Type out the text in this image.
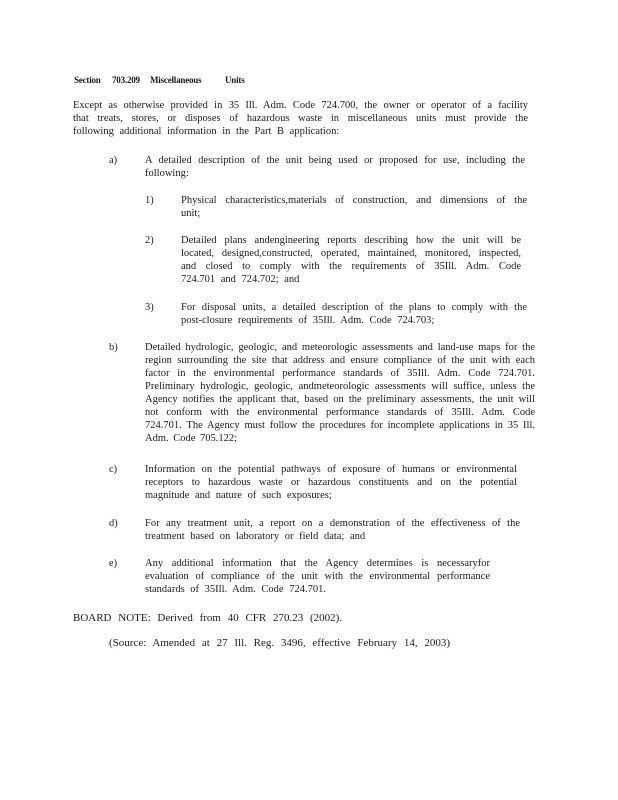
Section 703.209 Miscellaneous	Units
Except as otherwise provided in 35 Ill. Adm. Code 724.700, the owner or operator of a facility that treats, stores, or disposes of hazardous waste in miscellaneous units must provide the following additional information in the Part B application:
a)	A detailed description of the unit being used or proposed for use, including the following:
1)	Physical characteristics,materials of construction, and dimensions of the unit;
2)	Detailed plans andengineering reports describing how the unit will be located, designed,constructed, operated, maintained, monitored, inspected, and closed to comply with the requirements of 35Ill. Adm. Code 724.701 and 724.702; and
3)	For disposal units, a detailed description of the plans to comply with the post-closure requirements of 35Ill. Adm. Code 724.703;
b)	Detailed hydrologic, geologic, and meteorologic assessments and land-use maps for the region surrounding the site that address and ensure compliance of the unit with each factor in the environmental performance standards of 35Ill. Adm. Code 724.701. Preliminary hydrologic, geologic, andmeteorologic assessments will suffice, unless the Agency notifies the applicant that, based on the preliminary assessments, the unit will not conform with the environmental performance standards of 35Ill. Adm. Code 724.701. The Agency must follow the procedures for incomplete applications in 35 Ill. Adm. Code 705.122;
c)	Information on the potential pathways of exposure of humans or environmental receptors to hazardous waste or hazardous constituents and on the potential magnitude and nature of such exposures;
d)	For any treatment unit, a report on a demonstration of the effectiveness of the treatment based on laboratory or field data; and
e)	Any additional information that the Agency determines is necessaryfor evaluation of compliance of the unit with the environmental performance standards of 35Ill. Adm. Code 724.701.
BOARD NOTE: Derived from 40 CFR 270.23 (2002).
(Source: Amended at 27 Ill. Reg. 3496, effective February 14, 2003)
